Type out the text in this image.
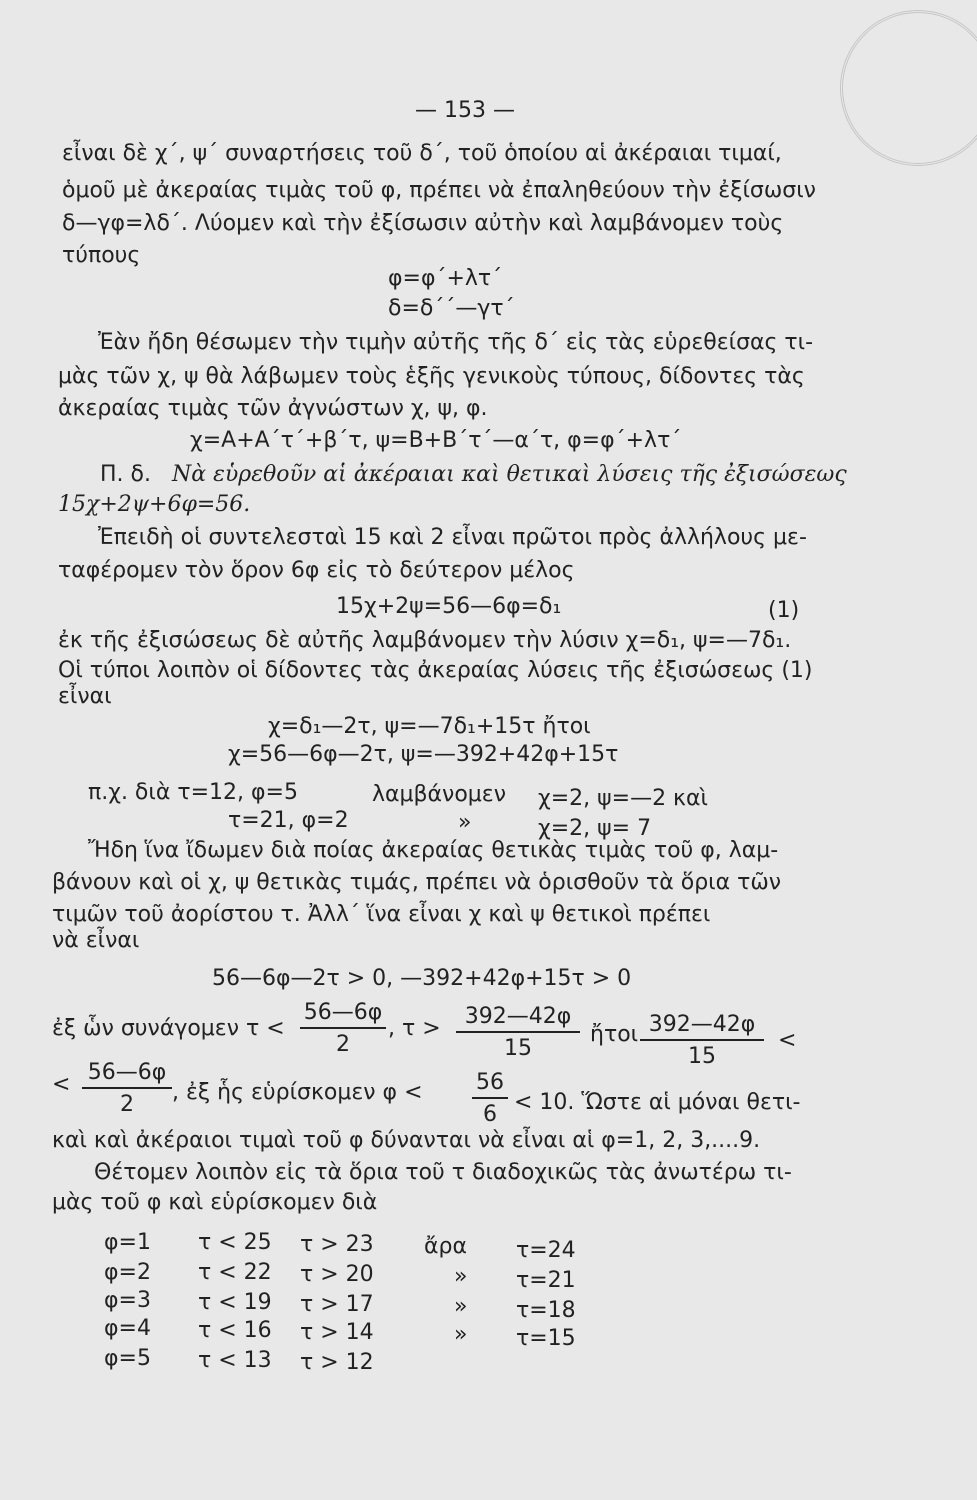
— 153 —
εἶναι δὲ χ΄, ψ΄ συναρτήσεις τοῦ δ΄, τοῦ ὁποίου αἱ ἀκέραιαι τιμαί,
ὁμοῦ μὲ ἀκεραίας τιμὰς τοῦ φ, πρέπει νὰ ἐπαληθεύουν τὴν ἐξίσωσιν
δ—γφ=λδ΄. Λύομεν καὶ τὴν ἐξίσωσιν αὐτὴν καὶ λαμβάνομεν τοὺς
τύπους
φ=φ΄+λτ΄
δ=δ΄΄—γτ΄
Ἐὰν ἤδη θέσωμεν τὴν τιμὴν αὐτῆς τῆς δ΄ εἰς τὰς εὑρεθείσας τι-
μὰς τῶν χ, ψ θὰ λάβωμεν τοὺς ἑξῆς γενικοὺς τύπους, δίδοντες τὰς
ἀκεραίας τιμὰς τῶν ἀγνώστων χ, ψ, φ.
χ=Α+Α΄τ΄+β΄τ, ψ=Β+Β΄τ΄—α΄τ, φ=φ΄+λτ΄
Π. δ. Νὰ εὑρεθοῦν αἱ ἀκέραιαι καὶ θετικαὶ λύσεις τῆς ἐξισώσεως
15χ+2ψ+6φ=56.
Ἐπειδὴ οἱ συντελεσταὶ 15 καὶ 2 εἶναι πρῶτοι πρὸς ἀλλήλους με-
ταφέρομεν τὸν ὅρον 6φ εἰς τὸ δεύτερον μέλος
15χ+2ψ=56—6φ=δ₁	(1)
ἐκ τῆς ἐξισώσεως δὲ αὐτῆς λαμβάνομεν τὴν λύσιν χ=δ₁, ψ=—7δ₁.
Οἱ τύποι λοιπὸν οἱ δίδοντες τὰς ἀκεραίας λύσεις τῆς ἐξισώσεως (1)
εἶναι
χ=δ₁—2τ, ψ=—7δ₁+15τ ἤτοι
χ=56—6φ—2τ, ψ=—392+42φ+15τ
π.χ. διὰ τ=12, φ=5	λαμβάνομεν χ=2, ψ=—2 καὶ
τ=21, φ=2	»	χ=2, ψ= 7
Ἤδη ἵνα ἴδωμεν διὰ ποίας ἀκεραίας θετικὰς τιμὰς τοῦ φ, λαμ-
βάνουν καὶ οἱ χ, ψ θετικὰς τιμάς, πρέπει νὰ ὁρισθοῦν τὰ ὅρια τῶν
τιμῶν τοῦ ἀορίστου τ. Ἀλλ΄ ἵνα εἶναι χ καὶ ψ θετικοὶ πρέπει
νὰ εἶναι
56—6φ—2τ > 0, —392+42φ+15τ > 0
ἐξ ὧν συνάγομεν τ <
56—6φ
2
, τ >	392—42φ
15
ἤτοι 392—42φ
15
<
< 56—6φ
2	, ἐξ ἧς εὑρίσκομεν φ < 56
6 < 10. Ὥστε αἱ μόναι θετι-
καὶ καὶ ἀκέραιοι τιμαὶ τοῦ φ δύνανται νὰ εἶναι αἱ φ=1, 2, 3,....9.
Θέτομεν λοιπὸν εἰς τὰ ὅρια τοῦ τ διαδοχικῶς τὰς ἀνωτέρω τι-
μὰς τοῦ φ καὶ εὑρίσκομεν διὰ
φ=1 τ < 25 τ > 23 ἄρα τ=24
φ=2 τ < 22 τ > 20	» τ=21
φ=3 τ < 19 τ > 17	» τ=18
φ=4 τ < 16 τ > 14	» τ=15
φ=5 τ < 13 τ > 12
